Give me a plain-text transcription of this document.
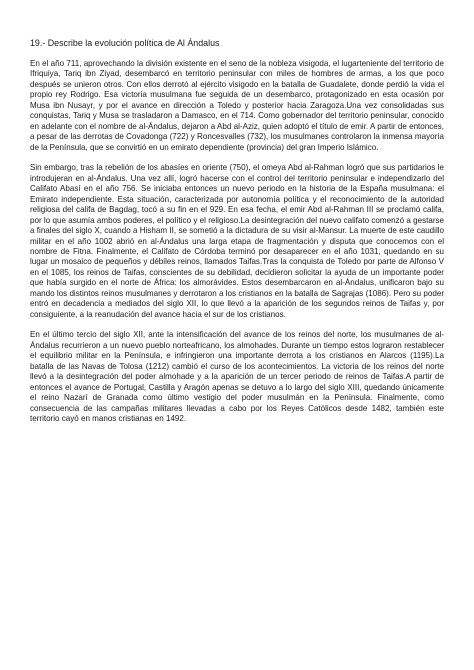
19.- Describe la evolución política de Al Ándalus

En el año 711, aprovechando la división existente en el seno de la nobleza visigoda, el lugarteniente del territorio de Ifriquiya, Tariq ibn Ziyad, desembarcó en territorio peninsular con miles de hombres de armas, a los que poco después se unieron otros. Con ellos derrotó al ejército visigodo en la batalla de Guadalete, donde perdió la vida el propio rey Rodrigo. Esa victoria musulmana fue seguida de un desembarco, protagonizado en esta ocasión por Musa ibn Nusayr, y por el avance en dirección a Toledo y posterior hacia Zaragoza.Una vez consolidadas sus conquistas, Tariq y Musa se trasladaron a Damasco, en el 714. Como gobernador del territorio peninsular, conocido en adelante con el nombre de al-Ándalus, dejaron a Abd al-Aziz, quien adoptó el título de emir. A partir de entonces, a pesar de las derrotas de Covadonga (722) y Roncesvalles (732), los musulmanes controlaron la inmensa mayoría de la Península, que se convirtió en un emirato dependiente (provincia) del gran Imperio Islámico.

Sin embargo, tras la rebelión de los abasíes en oriente (750), el omeya Abd al-Rahman logró que sus partidarios le introdujeran en al-Ándalus. Una vez allí, logró hacerse con el control del territorio peninsular e independizarlo del Califato Abasí en el año 756. Se iniciaba entonces un nuevo periodo en la historia de la España musulmana: el Emirato independiente. Esta situación, caracterizada por autonomía política y el reconocimiento de la autoridad religiosa del califa de Bagdag, tocó a su fin en el 929. En esa fecha, el emir Abd al-Rahman III se proclamó califa, por lo que asumía ambos poderes, el político y el religioso.La desintegración del nuevo califato comenzó a gestarse a finales del siglo X, cuando a Hisham II, se sometió a la dictadura de su visir al-Mansur. La muerte de este caudillo militar en el año 1002 abrió en al-Ándalus una larga etapa de fragmentación y disputa que conocemos con el nombre de Fitna. Finalmente, el Califato de Córdoba terminó por desaparecer en el año 1031, quedando en su lugar un mosaico de pequeños y débiles reinos, llamados Taifas.Tras la conquista de Toledo por parte de Alfonso V en el 1085, los reinos de Taifas, conscientes de su debilidad, decidieron solicitar la ayuda de un importante poder que había surgido en el norte de África: los almorávides. Estos desembarcaron en al-Ándalus, unificaron bajo su mando los distintos reinos musulmanes y derrotaron a los cristianos en la batalla de Sagrajas (1086). Pero su poder entró en decadencia a mediados del siglo XII, lo que llevó a la aparición de los segundos reinos de Taifas y, por consiguiente, a la reanudación del avance hacia el sur de los cristianos.

En el último tercio del siglo XII, ante la intensificación del avance de los reinos del norte, los musulmanes de al-Ándalus recurrieron a un nuevo pueblo norteafricano, los almohades. Durante un tiempo estos lograron restablecer el equilibrio militar en la Península, e infringieron una importante derrota a los cristianos en Alarcos (1195).La batalla de las Navas de Tolosa (1212) cambió el curso de los acontecimientos. La victoria de los reinos del norte llevó a la desintegración del poder almohade y a la aparición de un tercer periodo de reinos de Taifas.A partir de entonces el avance de Portugal, Castilla y Aragón apenas se detuvo a lo largo del siglo XIII, quedando únicamente el reino Nazarí de Granada como último vestigio del poder musulmán en la Península. Finalmente, como consecuencia de las campañas militares llevadas a cabo por los Reyes Católicos desde 1482, también este territorio cayó en manos cristianas en 1492.
